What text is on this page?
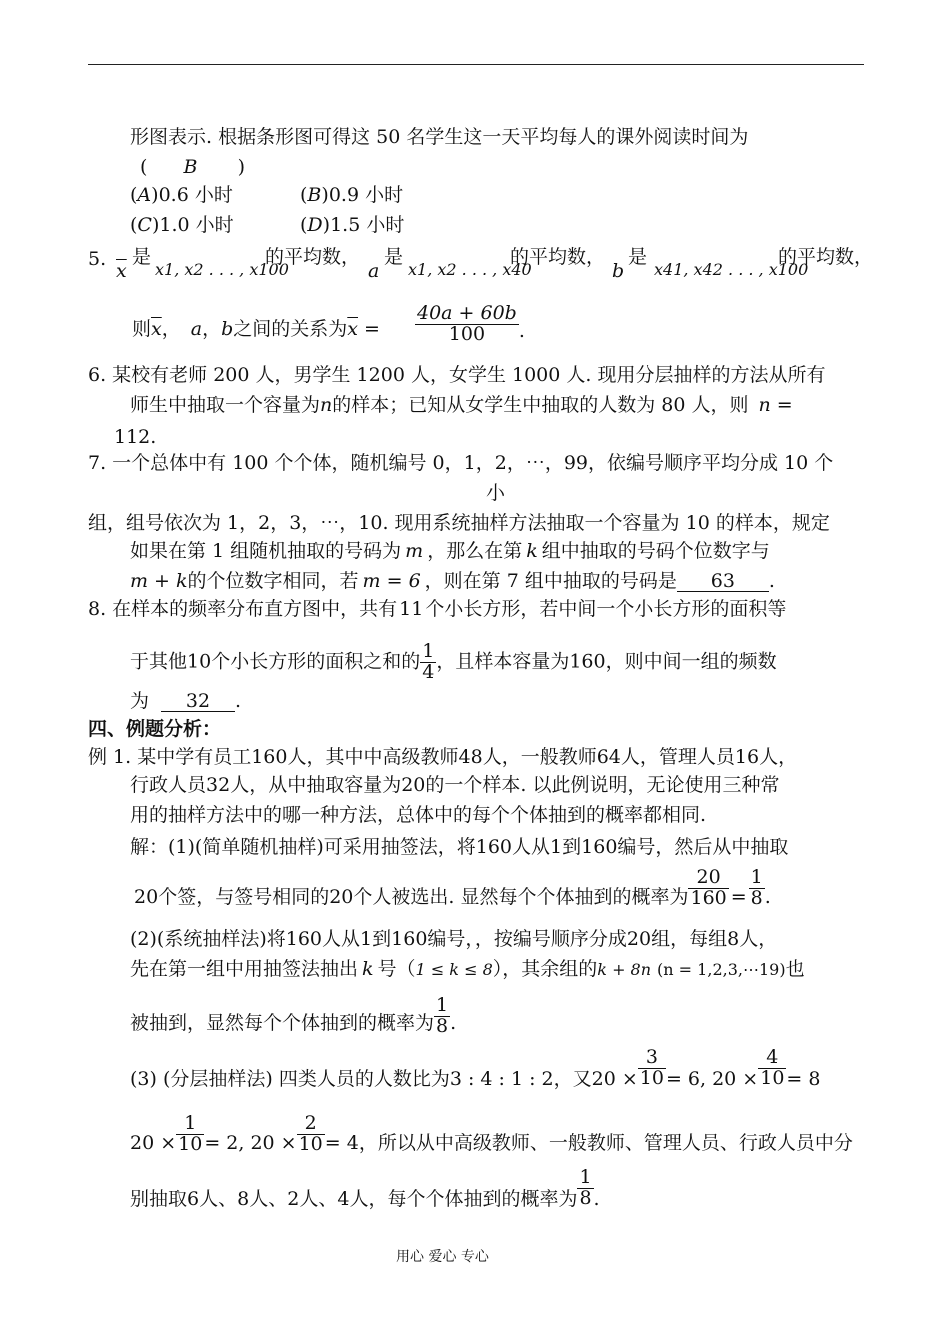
形图表示. 根据条形图可得这 50 名学生这一天平均每人的课外阅读时间为
( B )
(A)0.6 小时	(B)0.9 小时
(C)1.0 小时	(D)1.5 小时
5.
$\overline{x}$
是
x1, x2 . . . , x100
的平均数，
a
是
x1, x2 . . . , x40
的平均数，
b
是
x41, x42 . . . , x100
的平均数，
则$\overline{x}$， a，b之间的关系为$\overline{x} = \frac{40a + 60b}{100}$ .
6. 某校有老师 200 人，男学生 1200 人，女学生 1000 人. 现用分层抽样的方法从所有
师生中抽取一个容量为n的样本；已知从女学生中抽取的人数为 80 人，则 n =
112.
7. 一个总体中有 100 个个体，随机编号 0，1，2，⋯，99，依编号顺序平均分成 10 个
小
组，组号依次为 1，2，3，⋯，10. 现用系统抽样方法抽取一个容量为 10 的样本，规定
如果在第 1 组随机抽取的号码为 m ，那么在第 k 组中抽取的号码个位数字与
m + k的个位数字相同，若 m = 6 ，则在第 7 组中抽取的号码是 63 .
8. 在样本的频率分布直方图中，共有 11 个小长方形，若中间一个小长方形的面积等
于其他10个小长方形的面积之和的 $\frac{1}{4}$ ，且样本容量为160，则中间一组的频数
为 32 .
四、例题分析：
例 1. 某中学有员工160人，其中中高级教师48人，一般教师64人，管理人员16人，
行政人员32人，从中抽取容量为20的一个样本. 以此例说明，无论使用三种常
用的抽样方法中的哪一种方法，总体中的每个个体抽到的概率都相同.
解：(1)(简单随机抽样)可采用抽签法，将160人从1到160编号，然后从中抽取
20个签，与签号相同的20个人被选出. 显然每个个体抽到的概率为 $\frac{20}{160} = \frac{1}{8}$ .
(2)(系统抽样法)将160人从1到160编号，，按编号顺序分成20组，每组8人，
先在第一组中用抽签法抽出 k 号（1 ≤ k ≤ 8），其余组的k + 8n (n = 1,2,3,⋯19)也
被抽到，显然每个个体抽到的概率为 $\frac{1}{8}$ .
(3) (分层抽样法) 四类人员的人数比为3 : 4 : 1 : 2，又$20 \times \frac{3}{10} = 6$, $20 \times \frac{4}{10} = 8$
$20 \times \frac{1}{10} = 2$, $20 \times \frac{2}{10} = 4$，所以从中高级教师、一般教师、管理人员、行政人员中分
别抽取6人、8人、2人、4人，每个个体抽到的概率为 $\frac{1}{8}$ .
用心 爱心 专心
